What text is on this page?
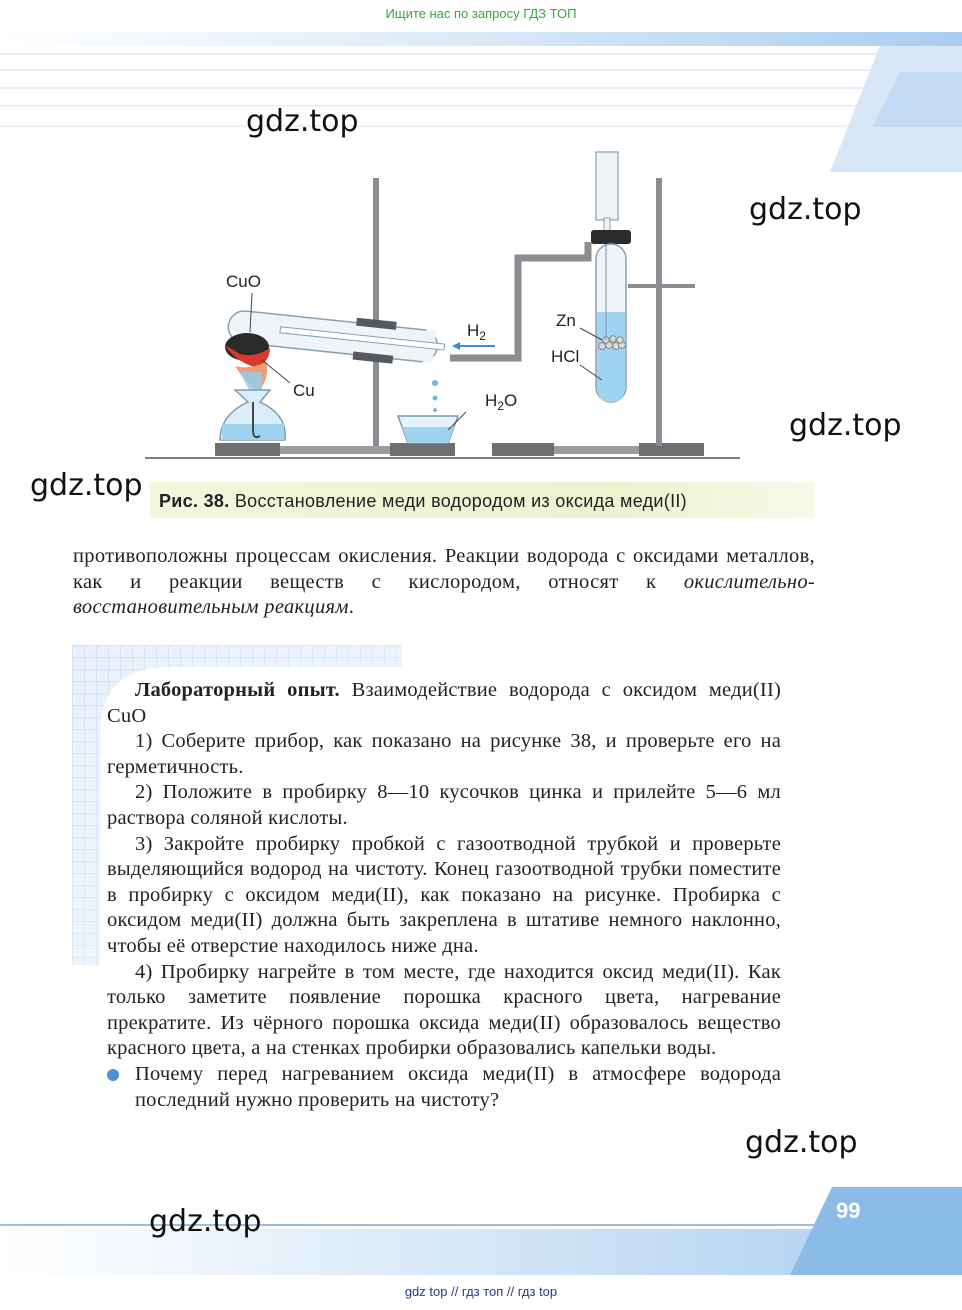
Ищите нас по запросу ГДЗ ТОП
gdz.top
gdz.top
gdz.top
gdz.top
CuO
Cu
$H_2$
$H_2O$
Zn
HCl
Рис. 38. Восстановление меди водородом из оксида меди(II)
противоположны процессам окисления. Реакции водорода с оксидами металлов, как и реакции веществ с кислородом, относят к окислительно-восстановительным реакциям.

Лабораторный опыт. Взаимодействие водорода с оксидом меди(II) CuO

1) Соберите прибор, как показано на рисунке 38, и проверьте его на герметичность.

2) Положите в пробирку 8—10 кусочков цинка и прилейте 5—6 мл раствора соляной кислоты.

3) Закройте пробирку пробкой с газоотводной трубкой и проверьте выделяющийся водород на чистоту. Конец газоотводной трубки поместите в пробирку с оксидом меди(II), как показано на рисунке. Пробирка с оксидом меди(II) должна быть закреплена в штативе немного наклонно, чтобы её отверстие находилось ниже дна.

4) Пробирку нагрейте в том месте, где находится оксид меди(II). Как только заметите появление порошка красного цвета, нагревание прекратите. Из чёрного порошка оксида меди(II) образовалось вещество красного цвета, а на стенках пробирки образовались капельки воды.

Почему перед нагреванием оксида меди(II) в атмосфере водорода последний нужно проверить на чистоту?
gdz.top
99
gdz.top
gdz top // гдз топ // гдз top
